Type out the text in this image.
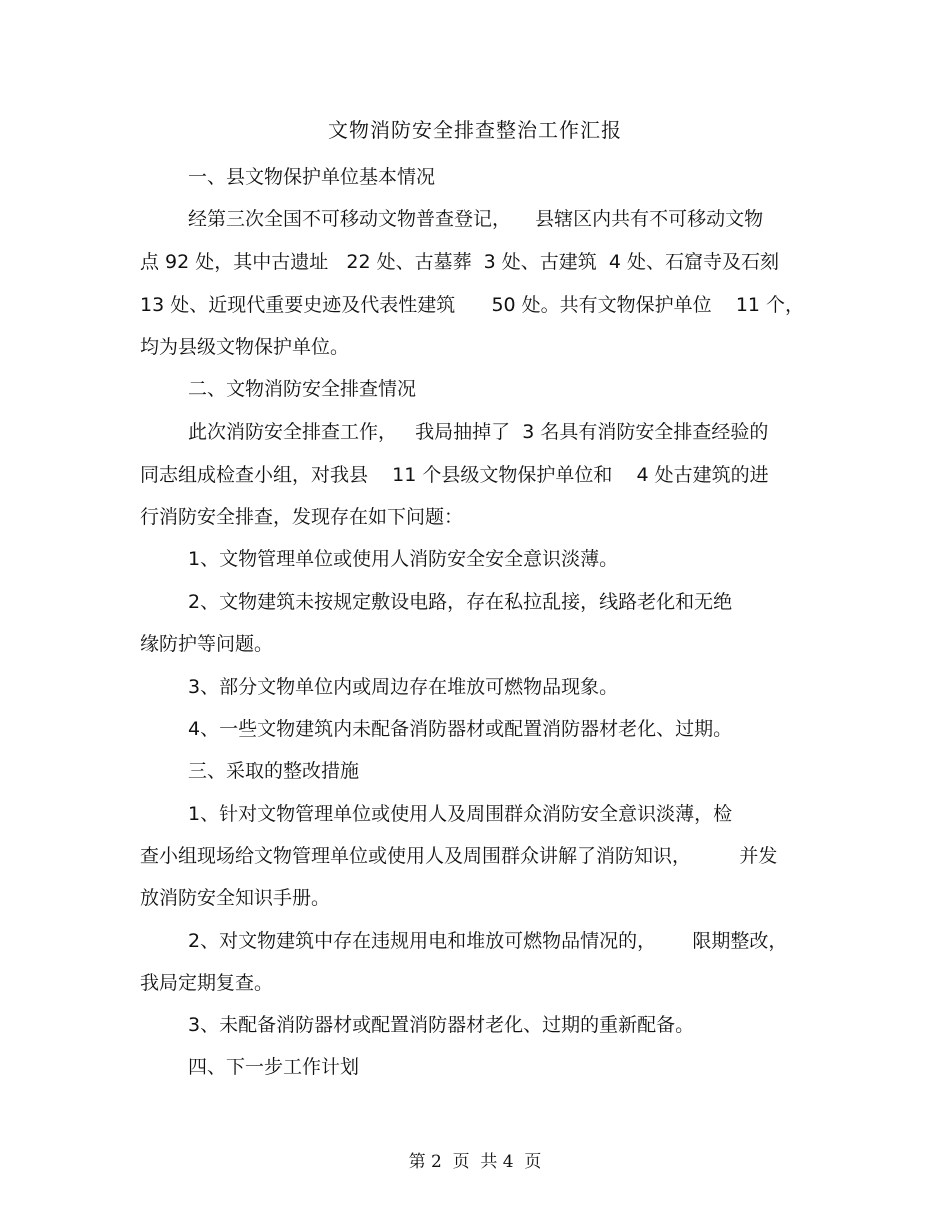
文物消防安全排查整治工作汇报
一、县文物保护单位基本情况
经第三次全国不可移动文物普查登记，    县辖区内共有不可移动文物
点 92 处，其中古遗址   22 处、古墓葬  3 处、古建筑  4 处、石窟寺及石刻
13 处、近现代重要史迹及代表性建筑      50 处。共有文物保护单位    11 个，
均为县级文物保护单位。
二、文物消防安全排查情况
此次消防安全排查工作，   我局抽掉了  3 名具有消防安全排查经验的
同志组成检查小组，对我县    11 个县级文物保护单位和    4 处古建筑的进
行消防安全排查，发现存在如下问题：
1、文物管理单位或使用人消防安全安全意识淡薄。
2、文物建筑未按规定敷设电路，存在私拉乱接，线路老化和无绝
缘防护等问题。
3、部分文物单位内或周边存在堆放可燃物品现象。
4、一些文物建筑内未配备消防器材或配置消防器材老化、过期。
三、采取的整改措施
1、针对文物管理单位或使用人及周围群众消防安全意识淡薄，检
查小组现场给文物管理单位或使用人及周围群众讲解了消防知识，        并发
放消防安全知识手册。
2、对文物建筑中存在违规用电和堆放可燃物品情况的，      限期整改，
我局定期复查。
3、未配备消防器材或配置消防器材老化、过期的重新配备。
四、下一步工作计划
第 2  页  共 4  页
